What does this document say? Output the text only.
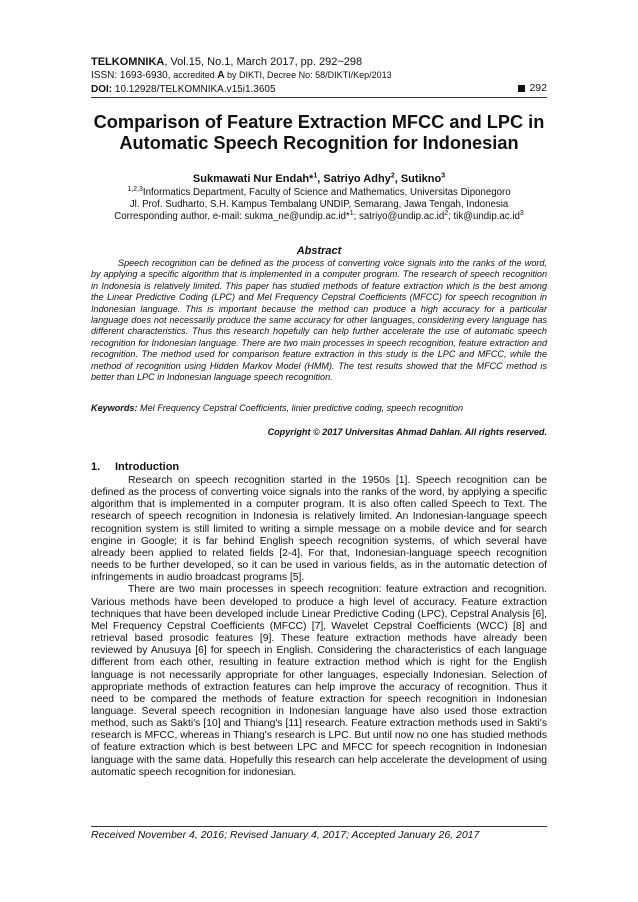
TELKOMNIKA, Vol.15, No.1, March 2017, pp. 292~298
ISSN: 1693-6930, accredited A by DIKTI, Decree No: 58/DIKTI/Kep/2013
DOI: 10.12928/TELKOMNIKA.v15i1.3605	292
Comparison of Feature Extraction MFCC and LPC in Automatic Speech Recognition for Indonesian
Sukmawati Nur Endah*$^1$, Satriyo Adhy$^2$, Sutikno$^3$
$^{1,2,3}$Informatics Department, Faculty of Science and Mathematics, Universitas Diponegoro
Jl. Prof. Sudharto, S.H. Kampus Tembalang UNDIP, Semarang, Jawa Tengah, Indonesia
Corresponding author, e-mail: sukma_ne@undip.ac.id*$^1$; $satriyo@undip.ac.id^2$; $tik@undip.ac.id^3$
Abstract
Speech recognition can be defined as the process of converting voice signals into the ranks of the word, by applying a specific algorithm that is implemented in a computer program. The research of speech recognition in Indonesia is relatively limited. This paper has studied methods of feature extraction which is the best among the Linear Predictive Coding (LPC) and Mel Frequency Cepstral Coefficients (MFCC) for speech recognition in Indonesian language. This is important because the method can produce a high accuracy for a particular language does not necessarily produce the same accuracy for other languages, considering every language has different characteristics. Thus this research hopefully can help further accelerate the use of automatic speech recognition for Indonesian language. There are two main processes in speech recognition, feature extraction and recognition. The method used for comparison feature extraction in this study is the LPC and MFCC, while the method of recognition using Hidden Markov Model (HMM). The test results showed that the MFCC method is better than LPC in Indonesian language speech recognition.
Keywords: Mel Frequency Cepstral Coefficients, linier predictive coding, speech recognition
Copyright © 2017 Universitas Ahmad Dahlan. All rights reserved.
1. Introduction

Research on speech recognition started in the 1950s [1]. Speech recognition can be defined as the process of converting voice signals into the ranks of the word, by applying a specific algorithm that is implemented in a computer program. It is also often called Speech to Text. The research of speech recognition in Indonesia is relatively limited. An Indonesian-language speech recognition system is still limited to writing a simple message on a mobile device and for search engine in Google; it is far behind English speech recognition systems, of which several have already been applied to related fields [2-4]. For that, Indonesian-language speech recognition needs to be further developed, so it can be used in various fields, as in the automatic detection of infringements in audio broadcast programs [5].

There are two main processes in speech recognition: feature extraction and recognition. Various methods have been developed to produce a high level of accuracy. Feature extraction techniques that have been developed include Linear Predictive Coding (LPC), Cepstral Analysis [6], Mel Frequency Cepstral Coefficients (MFCC) [7], Wavelet Cepstral Coefficients (WCC) [8] and retrieval based prosodic features [9]. These feature extraction methods have already been reviewed by Anusuya [6] for speech in English. Considering the characteristics of each language different from each other, resulting in feature extraction method which is right for the English language is not necessarily appropriate for other languages, especially Indonesian. Selection of appropriate methods of extraction features can help improve the accuracy of recognition. Thus it need to be compared the methods of feature extraction for speech recognition in Indonesian language. Several speech recognition in Indonesian language have also used those extraction method, such as Sakti's [10] and Thiang's [11] research. Feature extraction methods used in Sakti's research is MFCC, whereas in Thiang's research is LPC. But until now no one has studied methods of feature extraction which is best between LPC and MFCC for speech recognition in Indonesian language with the same data. Hopefully this research can help accelerate the development of using automatic speech recognition for indonesian.

Received November 4, 2016; Revised January 4, 2017; Accepted January 26, 2017
